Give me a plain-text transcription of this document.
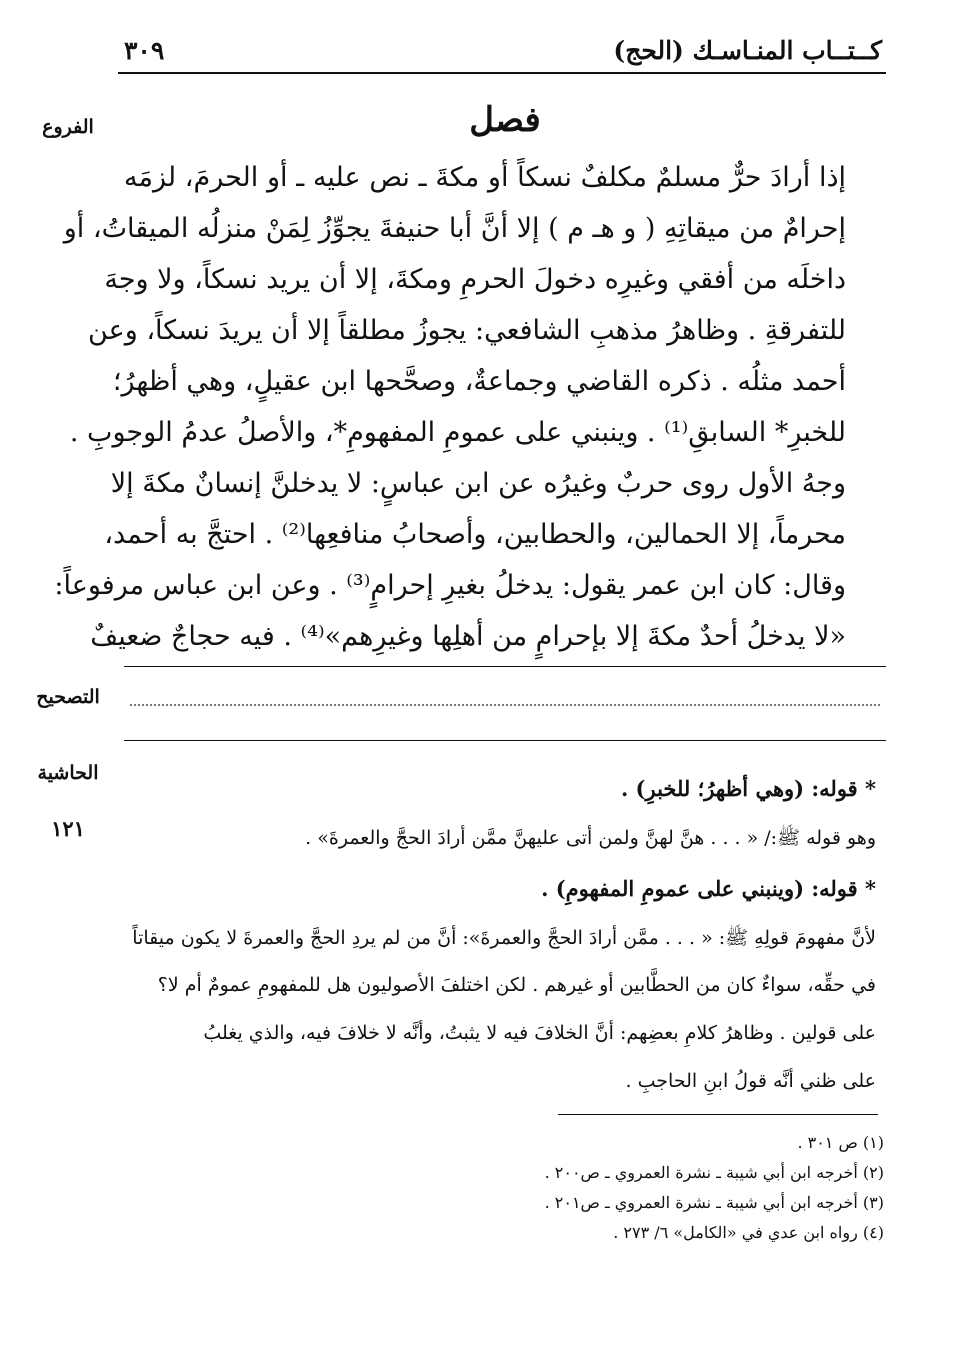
كــتــاب المنـاسـك (الحج)
٣٠٩
الفروع
التصحيح
الحاشية
١٢١
فصل

إذا أرادَ حرٌّ مسلمٌ مكلفٌ نسكاً أو مكةَ ـ نص عليه ـ أو الحرمَ، لزمَه
إحرامٌ من ميقاتِهِ ( و هـ م ) إلا أنَّ أبا حنيفةَ يجوِّزُ لِمَنْ منزلُه الميقاتُ، أو
داخلَه من أفقي وغيرِه دخولَ الحرمِ ومكةَ، إلا أن يريد نسكاً، ولا وجهَ
للتفرقةِ . وظاهرُ مذهبِ الشافعي: يجوزُ مطلقاً إلا أن يريدَ نسكاً، وعن
أحمد مثلُه . ذكره القاضي وجماعةٌ، وصحَّحها ابن عقيلٍ، وهي أظهرُ؛
للخبرِ* السابقِ⁽¹⁾ . وينبني على عمومِ المفهومِ*، والأصلُ عدمُ الوجوبِ .
وجهُ الأول روى حربٌ وغيرُه عن ابن عباسٍ: لا يدخلنَّ إنسانٌ مكةَ إلا
محرماً، إلا الحمالين، والحطابين، وأصحابُ منافعِها⁽²⁾ . احتجَّ به أحمد،
وقال: كان ابن عمر يقول: يدخلُ بغيرِ إحرامٍ⁽³⁾ . وعن ابن عباس مرفوعاً:
«لا يدخلُ أحدٌ مكةَ إلا بإحرامٍ من أهلِها وغيرِهم»⁽⁴⁾ . فيه حجاجٌ ضعيفٌ

* قوله: (وهي أظهرُ؛ للخبرِ) .
وهو قوله ﷺ:/ « . . . هنَّ لهنَّ ولمن أتى عليهنَّ ممَّن أرادَ الحجَّ والعمرةَ» .
* قوله: (وينبني على عمومِ المفهومِ) .
لأنَّ مفهومَ قولِهِ ﷺ: « . . . ممَّن أرادَ الحجَّ والعمرةَ»: أنَّ من لم يردِ الحجَّ والعمرةَ لا يكون ميقاتاً
في حقِّه، سواءٌ كان من الحطَّابين أو غيرهم . لكن اختلفَ الأصوليون هل للمفهومِ عمومٌ أم لا؟
على قولين . وظاهرُ كلامِ بعضِهم: أنَّ الخلافَ فيه لا يثبتُ، وأنَّه لا خلافَ فيه، والذي يغلبُ
على ظني أنَّه قولُ ابنِ الحاجبِ .
(١) ص ٣٠١ .
(٢) أخرجه ابن أبي شيبة ـ نشرة العمروي ـ ص٢٠٠ .
(٣) أخرجه ابن أبي شيبة ـ نشرة العمروي ـ ص٢٠١ .
(٤) رواه ابن عدي في «الكامل» ٦/ ٢٧٣ .
